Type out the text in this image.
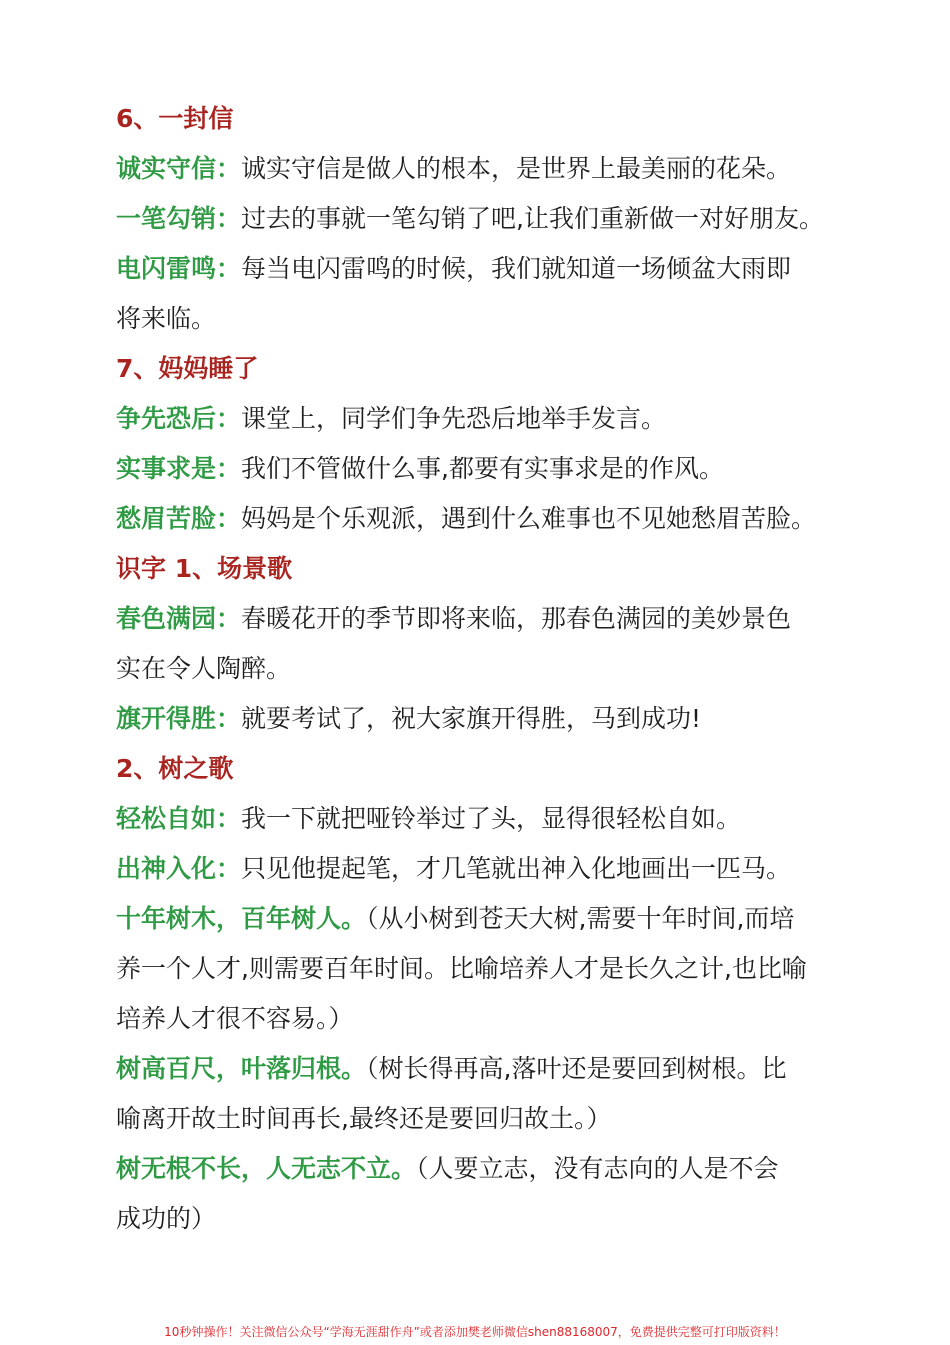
6、一封信
诚实守信：诚实守信是做人的根本，是世界上最美丽的花朵。
一笔勾销：过去的事就一笔勾销了吧,让我们重新做一对好朋友。
电闪雷鸣：每当电闪雷鸣的时候，我们就知道一场倾盆大雨即
将来临。
7、妈妈睡了
争先恐后：课堂上，同学们争先恐后地举手发言。
实事求是：我们不管做什么事,都要有实事求是的作风。
愁眉苦脸：妈妈是个乐观派，遇到什么难事也不见她愁眉苦脸。
识字 1、场景歌
春色满园：春暖花开的季节即将来临，那春色满园的美妙景色
实在令人陶醉。
旗开得胜：就要考试了，祝大家旗开得胜，马到成功!
2、树之歌
轻松自如：我一下就把哑铃举过了头，显得很轻松自如。
出神入化：只见他提起笔，才几笔就出神入化地画出一匹马。
十年树木，百年树人。（从小树到苍天大树,需要十年时间,而培
养一个人才,则需要百年时间。比喻培养人才是长久之计,也比喻
培养人才很不容易。）
树高百尺，叶落归根。（树长得再高,落叶还是要回到树根。比
喻离开故土时间再长,最终还是要回归故土。）
树无根不长，人无志不立。（人要立志，没有志向的人是不会
成功的）
10秒钟操作！关注微信公众号“学海无涯甜作舟”或者添加樊老师微信shen88168007，免费提供完整可打印版资料！
